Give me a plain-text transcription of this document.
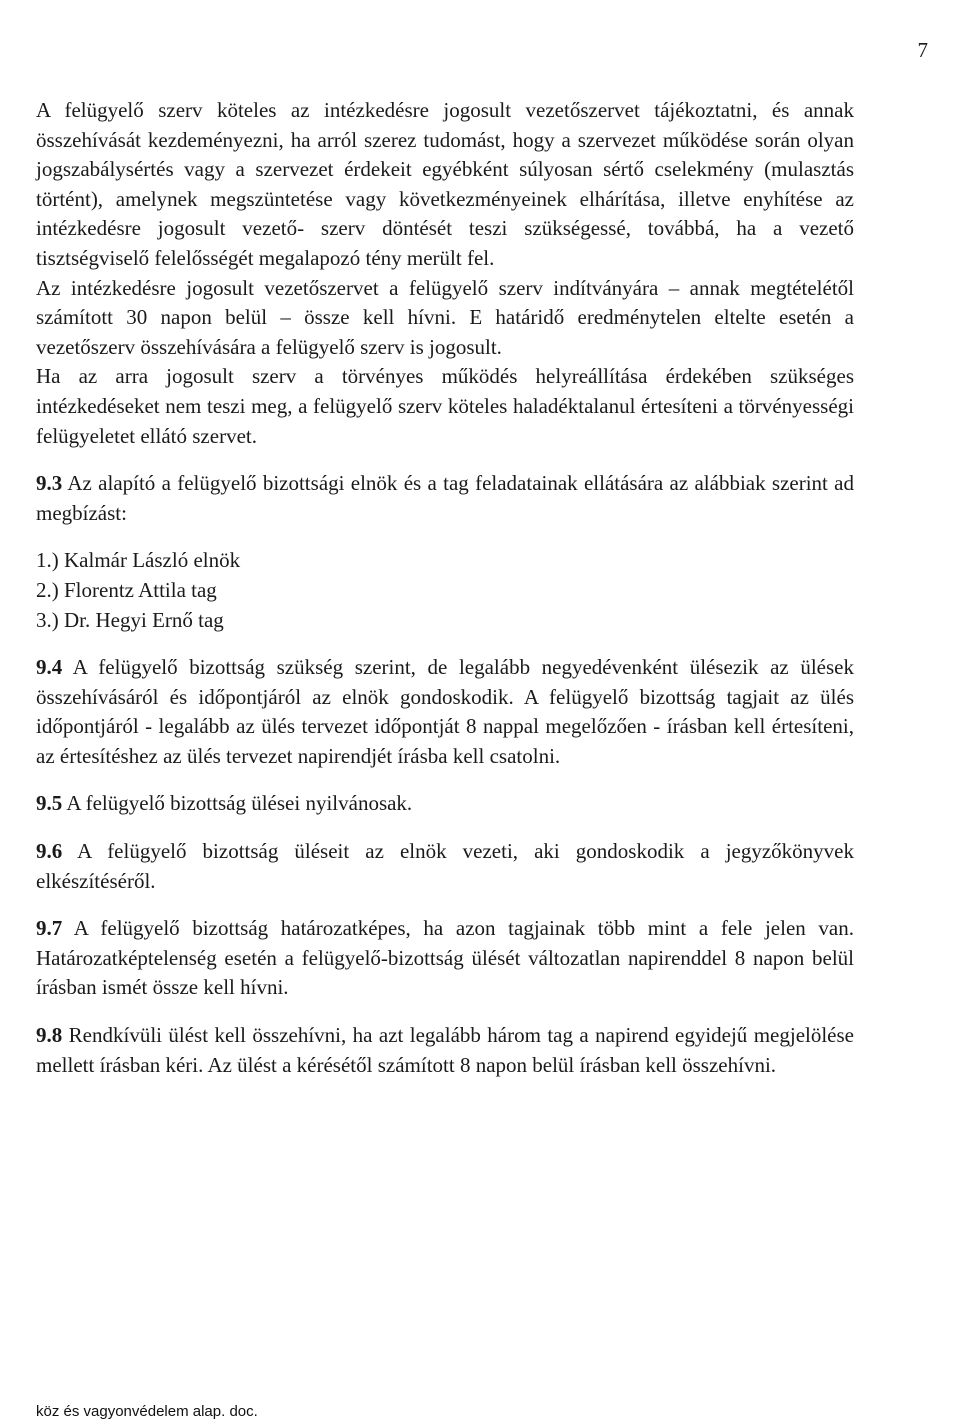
7

A felügyelő szerv köteles az intézkedésre jogosult vezetőszervet tájékoztatni, és annak összehívását kezdeményezni, ha arról szerez tudomást, hogy a szervezet működése során olyan jogszabálysértés vagy a szervezet érdekeit egyébként súlyosan sértő cselekmény (mulasztás történt), amelynek megszüntetése vagy következményeinek elhárítása, illetve enyhítése az intézkedésre jogosult vezető- szerv döntését teszi szükségessé, továbbá, ha a vezető tisztségviselő felelősségét megalapozó tény merült fel.

Az intézkedésre jogosult vezetőszervet a felügyelő szerv indítványára – annak megtételétől számított 30 napon belül – össze kell hívni. E határidő eredménytelen eltelte esetén a vezetőszerv összehívására a felügyelő szerv is jogosult.

Ha az arra jogosult szerv a törvényes működés helyreállítása érdekében szükséges intézkedéseket nem teszi meg, a felügyelő szerv köteles haladéktalanul értesíteni a törvényességi felügyeletet ellátó szervet.

9.3 Az alapító a felügyelő bizottsági elnök és a tag feladatainak ellátására az alábbiak szerint ad megbízást:

1.) Kalmár László elnök
2.) Florentz Attila tag
3.) Dr. Hegyi Ernő tag

9.4 A felügyelő bizottság szükség szerint, de legalább negyedévenként ülésezik az ülések összehívásáról és időpontjáról az elnök gondoskodik. A felügyelő bizottság tagjait az ülés időpontjáról - legalább az ülés tervezet időpontját 8 nappal megelőzően - írásban kell értesíteni, az értesítéshez az ülés tervezet napirendjét írásba kell csatolni.

9.5 A felügyelő bizottság ülései nyilvánosak.

9.6 A felügyelő bizottság üléseit az elnök vezeti, aki gondoskodik a jegyzőkönyvek elkészítéséről.

9.7 A felügyelő bizottság határozatképes, ha azon tagjainak több mint a fele jelen van. Határozatképtelenség esetén a felügyelő-bizottság ülését változatlan napirenddel 8 napon belül írásban ismét össze kell hívni.

9.8 Rendkívüli ülést kell összehívni, ha azt legalább három tag a napirend egyidejű megjelölése mellett írásban kéri. Az ülést a kérésétől számított 8 napon belül írásban kell összehívni.

köz és vagyonvédelem alap. doc.
